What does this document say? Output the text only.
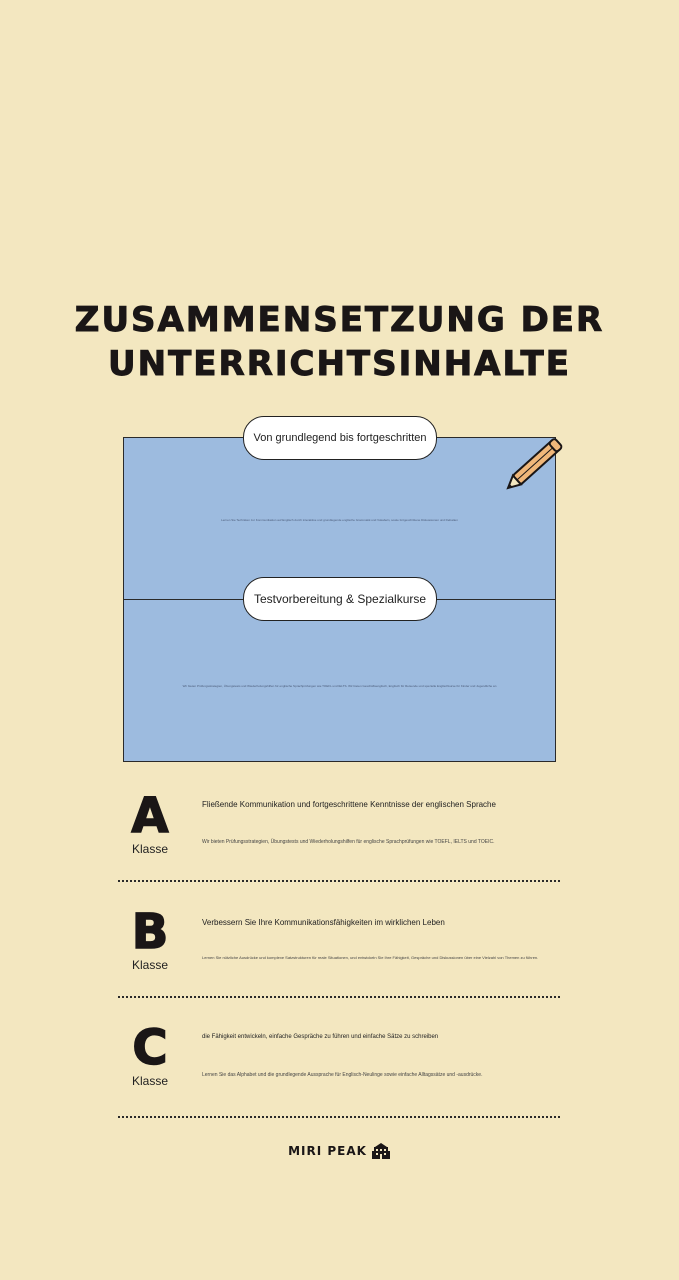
ZUSAMMENSETZUNG DER
UNTERRICHTSINHALTE
Lernen Sie Techniken zur Kommunikation auf Englisch durch interaktive und grundlegende englische Grammatik und Vokabeln, sowie fortgeschrittene Diskussionen und Debatten
Wir bieten Prüfungsstrategien, Übungstests und Wiederholungshilfen für englische Sprachprüfungen wie TOEFL und IELTS. Wir bieten Geschäftsenglisch, Englisch für Reisende und spezielle Englischkurse für Kinder und Jugendliche an
Von grundlegend bis fortgeschritten
Testvorbereitung & Spezialkurse
A
Klasse
Fließende Kommunikation und fortgeschrittene Kenntnisse der englischen Sprache
Wir bieten Prüfungsstrategien, Übungstests und Wiederholungshilfen für englische Sprachprüfungen wie TOEFL, IELTS und TOEIC.
B
Klasse
Verbessern Sie Ihre Kommunikationsfähigkeiten im wirklichen Leben
Lernen Sie nützliche Ausdrücke und komplexe Satzstrukturen für reale Situationen, und entwickeln Sie Ihre Fähigkeit, Gespräche und Diskussionen über eine Vielzahl von Themen zu führen.
C
Klasse
die Fähigkeit entwickeln, einfache Gespräche zu führen und einfache Sätze zu schreiben
Lernen Sie das Alphabet und die grundlegende Aussprache für Englisch-Neulinge sowie einfache Alltagssätze und -ausdrücke.
MIRI PEAK
